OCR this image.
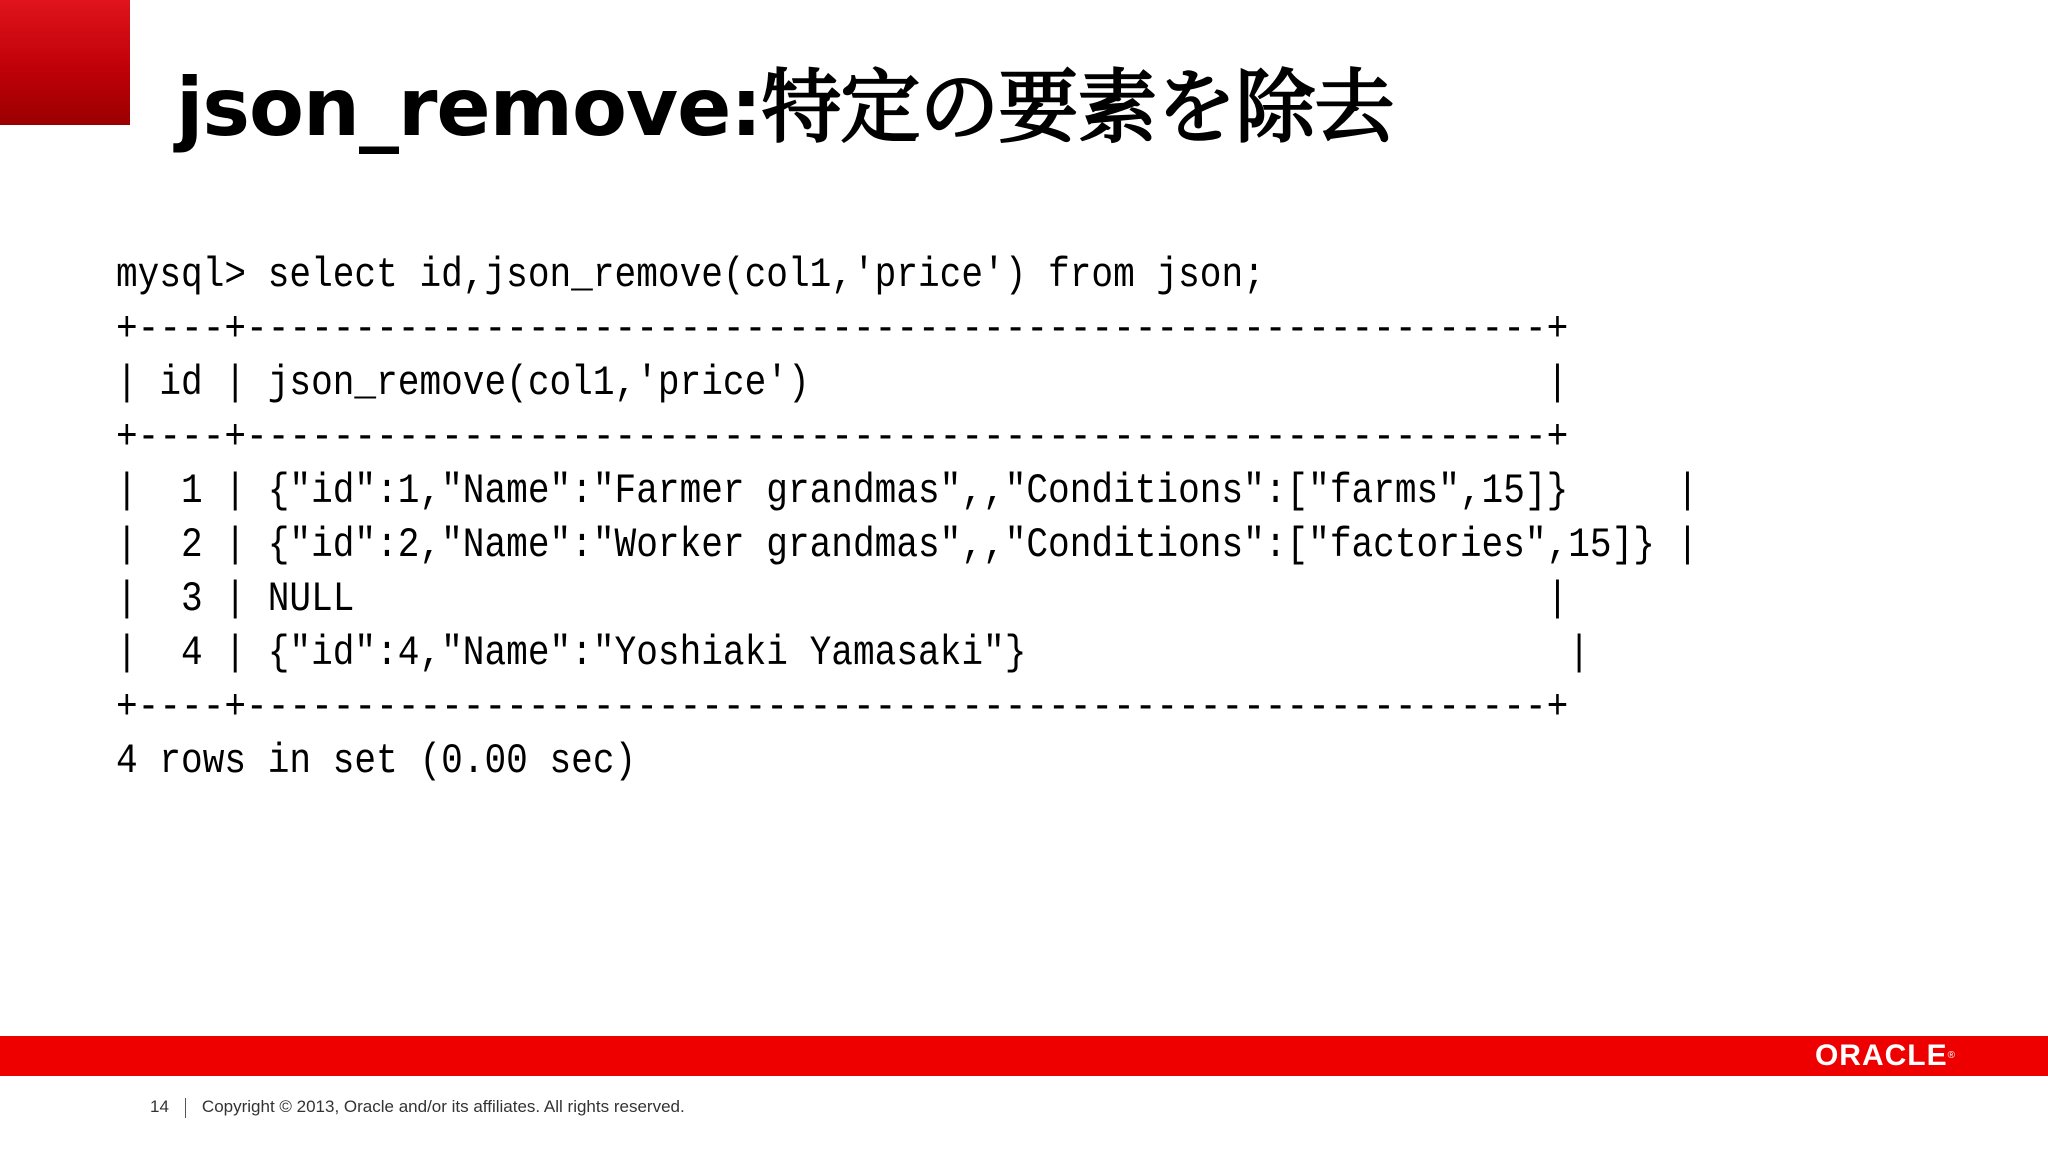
json_remove:特定の要素を除去
mysql> select id,json_remove(col1,'price') from json;
+----+------------------------------------------------------------+
| id | json_remove(col1,'price')                                  |
+----+------------------------------------------------------------+
|  1 | {"id":1,"Name":"Farmer grandmas",,"Conditions":["farms",15]}     |
|  2 | {"id":2,"Name":"Worker grandmas",,"Conditions":["factories",15]} |
|  3 | NULL                                                       |
|  4 | {"id":4,"Name":"Yoshiaki Yamasaki"}                         |
+----+------------------------------------------------------------+
4 rows in set (0.00 sec)
ORACLE®
14 Copyright © 2013, Oracle and/or its affiliates. All rights reserved.
